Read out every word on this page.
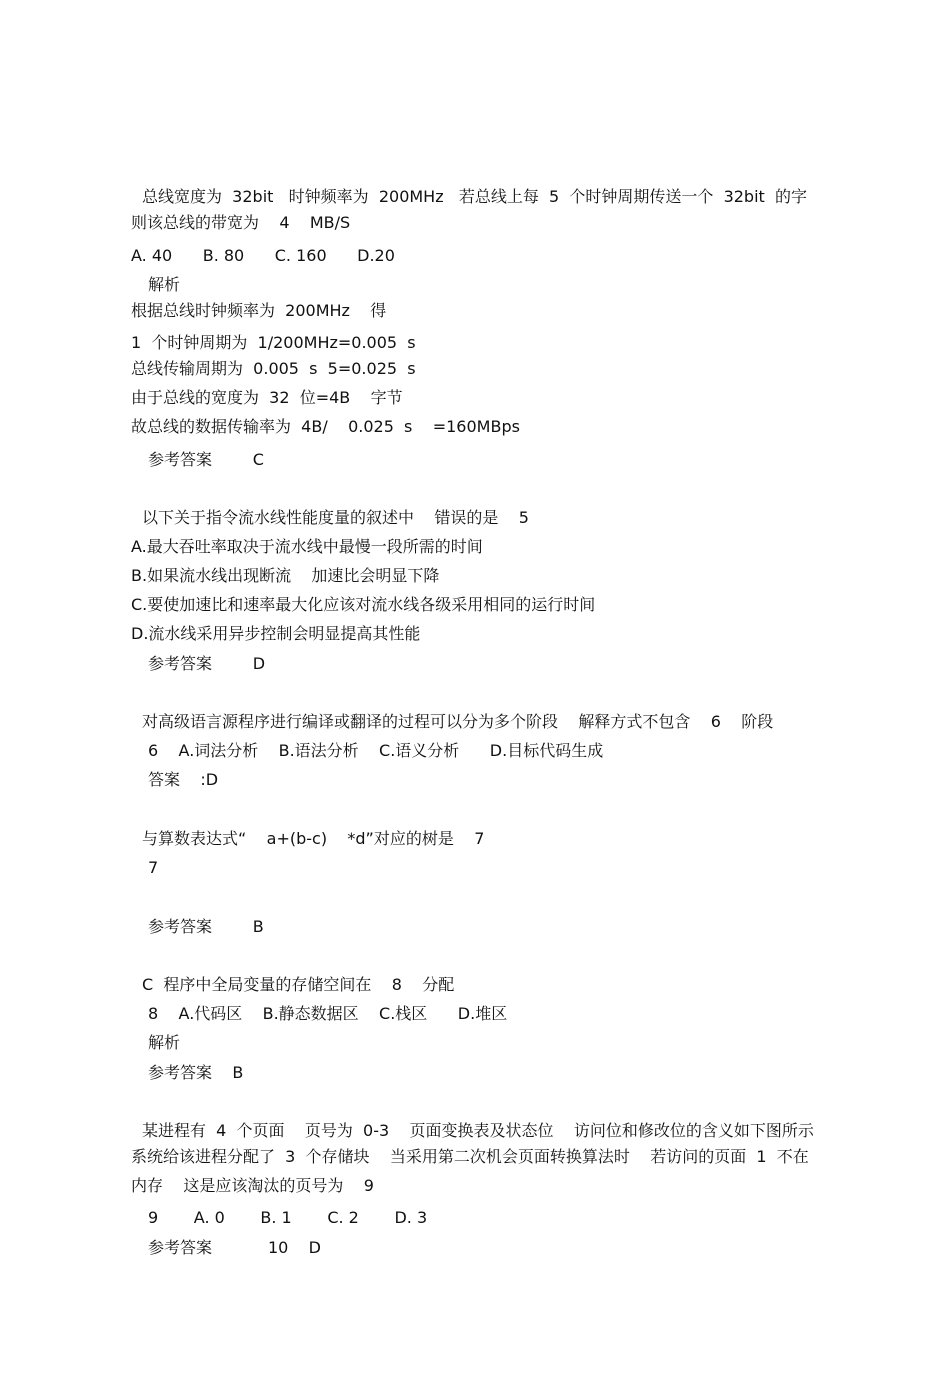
总线宽度为  32bit   时钟频率为  200MHz   若总线上每  5  个时钟周期传送一个  32bit  的字
则该总线的带宽为    4    MB/S
A. 40      B. 80      C. 160      D.20
解析
根据总线时钟频率为  200MHz    得
1  个时钟周期为  1/200MHz=0.005  s
总线传输周期为  0.005  s  5=0.025  s
由于总线的宽度为  32  位=4B    字节
故总线的数据传输率为  4B/    0.025  s    =160MBps
参考答案        C
以下关于指令流水线性能度量的叙述中    错误的是    5
A.最大吞吐率取决于流水线中最慢一段所需的时间
B.如果流水线出现断流    加速比会明显下降
C.要使加速比和速率最大化应该对流水线各级采用相同的运行时间
D.流水线采用异步控制会明显提高其性能
参考答案        D
对高级语言源程序进行编译或翻译的过程可以分为多个阶段    解释方式不包含    6    阶段
6    A.词法分析    B.语法分析    C.语义分析      D.目标代码生成
答案    :D
与算数表达式“    a+(b-c)    *d”对应的树是    7
7
参考答案        B
C  程序中全局变量的存储空间在    8    分配
8    A.代码区    B.静态数据区    C.栈区      D.堆区
解析
参考答案    B
某进程有  4  个页面    页号为  0-3    页面变换表及状态位    访问位和修改位的含义如下图所示
系统给该进程分配了  3  个存储块    当采用第二次机会页面转换算法时    若访问的页面  1  不在
内存    这是应该淘汰的页号为    9
9       A. 0       B. 1       C. 2       D. 3
参考答案           10    D
